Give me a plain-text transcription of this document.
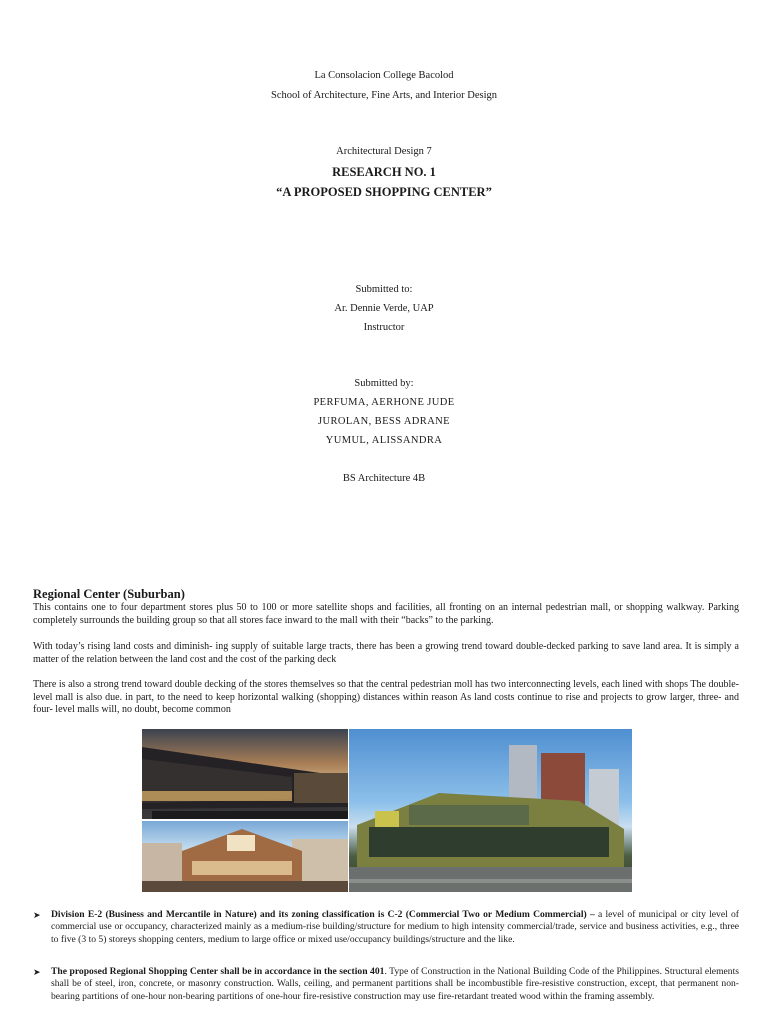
La Consolacion College Bacolod
School of Architecture, Fine Arts, and Interior Design
Architectural Design 7
RESEARCH NO. 1
“A PROPOSED SHOPPING CENTER”
Submitted to:
Ar. Dennie Verde, UAP
Instructor
Submitted by:
PERFUMA, AERHONE JUDE
JUROLAN, BESS ADRANE
YUMUL, ALISSANDRA
BS Architecture 4B
Regional Center (Suburban)

This contains one to four department stores plus 50 to 100 or more satellite shops and facilities, all fronting on an internal pedestrian mall, or shopping walkway. Parking completely surrounds the building group so that all stores face inward to the mall with their “backs” to the parking.

With today’s rising land costs and diminish- ing supply of suitable large tracts, there has been a growing trend toward double-decked parking to save land area. It is simply a matter of the relation between the land cost and the cost of the parking deck

There is also a strong trend toward double decking of the stores themselves so that the central pedestrian moll has two interconnecting levels, each lined with shops The double- level mall is also due. in part, to the need to keep horizontal walking (shopping) distances within reason As land costs continue to rise and projects to grow larger, three- and four- level malls will, no doubt, become common

➤ Division E-2 (Business and Mercantile in Nature) and its zoning classification is C-2 (Commercial Two or Medium Commercial) – a level of municipal or city level of commercial use or occupancy, characterized mainly as a medium-rise building/structure for medium to high intensity commercial/trade, service and business activities, e.g., three to five (3 to 5) storeys shopping centers, medium to large office or mixed use/occupancy buildings/structure and the like.
➤ The proposed Regional Shopping Center shall be in accordance in the section 401. Type of Construction in the National Building Code of the Philippines. Structural elements shall be of steel, iron, concrete, or masonry construction. Walls, ceiling, and permanent partitions shall be incombustible fire-resistive construction, except, that permanent non-bearing partitions of one-hour non-bearing partitions of one-hour fire-resistive construction may use fire-retardant treated wood within the framing assembly.
